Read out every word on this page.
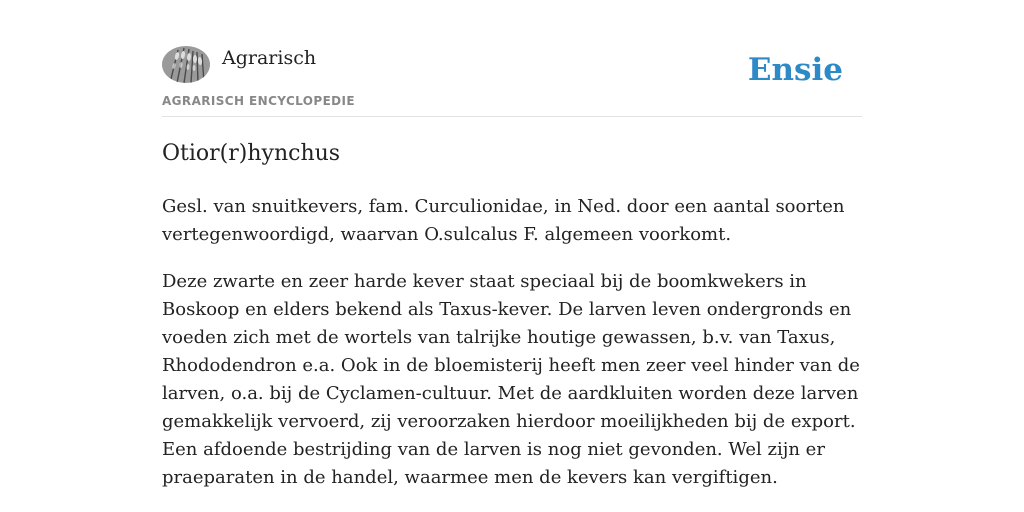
Agrarisch
AGRARISCH ENCYCLOPEDIE
Ensie
Otior(r)hynchus

Gesl. van snuitkevers, fam. Curculionidae, in Ned. door een aantal soorten vertegenwoordigd, waarvan O.sulcalus F. algemeen voorkomt.

Deze zwarte en zeer harde kever staat speciaal bij de boomkwekers in Boskoop en elders bekend als Taxus-kever. De larven leven ondergronds en voeden zich met de wortels van talrijke houtige gewassen, b.v. van Taxus, Rhododendron e.a. Ook in de bloemisterij heeft men zeer veel hinder van de larven, o.a. bij de Cyclamen-cultuur. Met de aardkluiten worden deze larven gemakkelijk vervoerd, zij veroorzaken hierdoor moeilijkheden bij de export. Een afdoende bestrijding van de larven is nog niet gevonden. Wel zijn er praeparaten in de handel, waarmee men de kevers kan vergiftigen.
